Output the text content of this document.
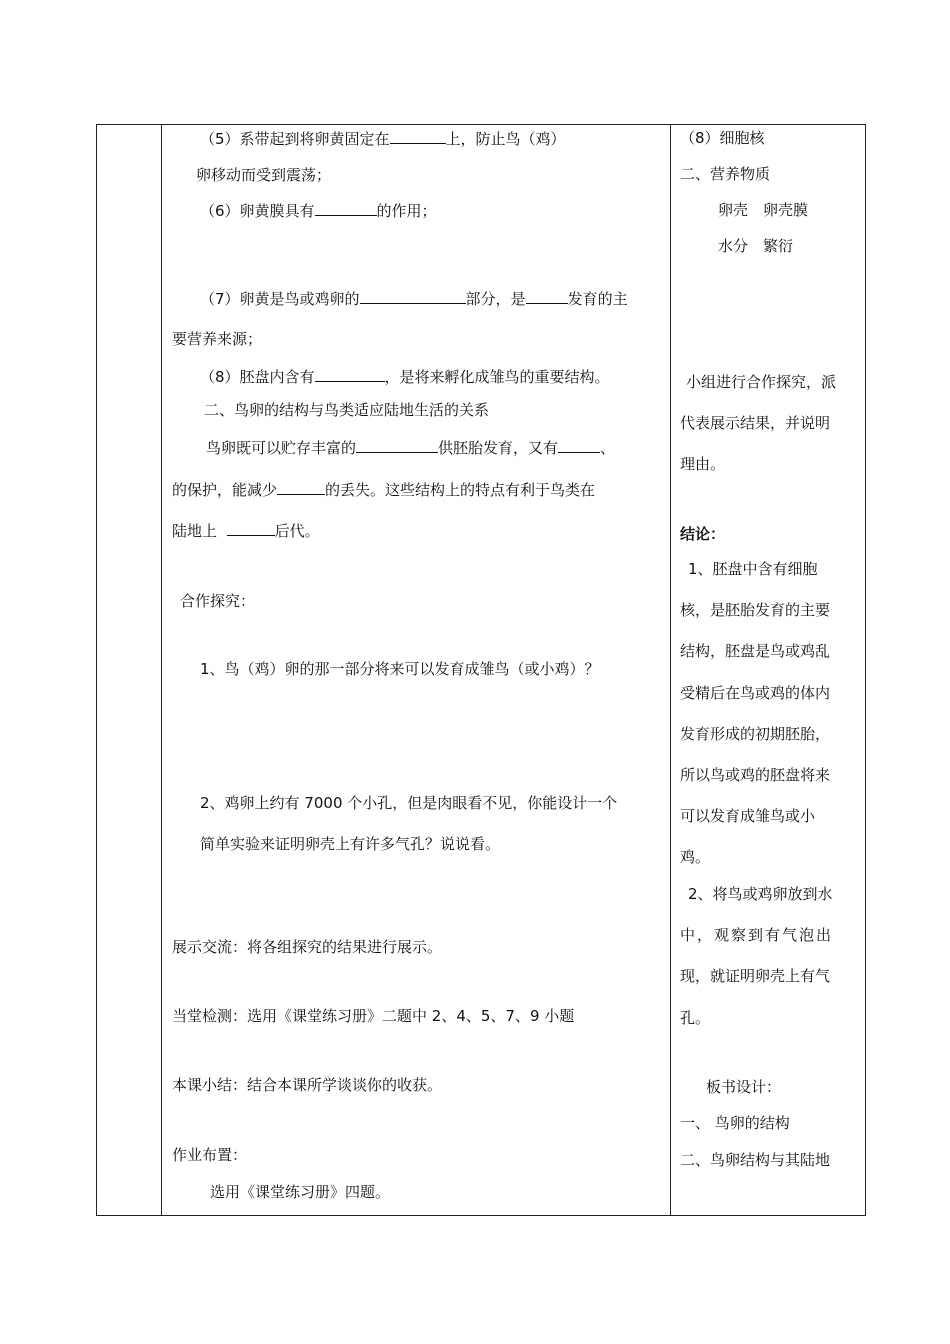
（5）系带起到将卵黄固定在	上，防止鸟（鸡）
卵移动而受到震荡；
（6）卵黄膜具有	的作用；
（7）卵黄是鸟或鸡卵的	部分，是	发育的主
要营养来源；
（8）胚盘内含有	，是将来孵化成雏鸟的重要结构。
二、鸟卵的结构与鸟类适应陆地生活的关系
鸟卵既可以贮存丰富的	供胚胎发育，又有	、
的保护，能减少	的丢失。这些结构上的特点有利于鸟类在
陆地上	后代。
合作探究：
1、鸟（鸡）卵的那一部分将来可以发育成雏鸟（或小鸡）？
2、鸡卵上约有 7000 个小孔，但是肉眼看不见，你能设计一个
简单实验来证明卵壳上有许多气孔？说说看。
展示交流：将各组探究的结果进行展示。
当堂检测：选用《课堂练习册》二题中 2、4、5、7、9 小题
本课小结：结合本课所学谈谈你的收获。
作业布置：
选用《课堂练习册》四题。
（8）细胞核
二、营养物质
卵壳　卵壳膜
水分　繁衍
小组进行合作探究，派
代表展示结果，并说明
理由。
结论：
1、胚盘中含有细胞
核，是胚胎发育的主要
结构，胚盘是鸟或鸡乱
受精后在鸟或鸡的体内
发育形成的初期胚胎，
所以鸟或鸡的胚盘将来
可以发育成雏鸟或小
鸡。
2、将鸟或鸡卵放到水
中，观察到有气泡出
现，就证明卵壳上有气
孔。
板书设计：
一、 鸟卵的结构
二、鸟卵结构与其陆地
